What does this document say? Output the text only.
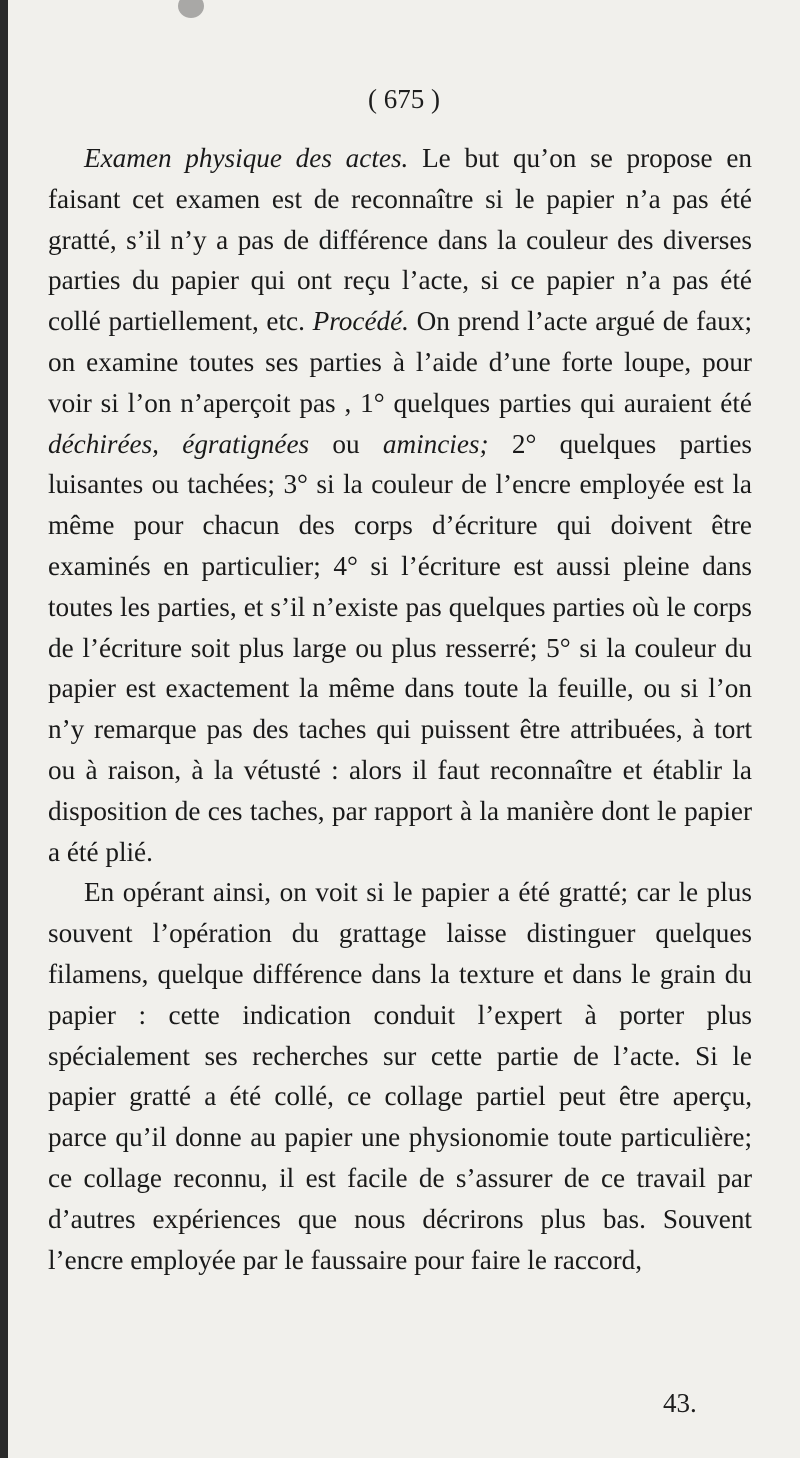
( 675 )

Examen physique des actes. Le but qu’on se propose en faisant cet examen est de reconnaître si le papier n’a pas été gratté, s’il n’y a pas de différence dans la couleur des diverses parties du papier qui ont reçu l’acte, si ce papier n’a pas été collé partiellement, etc. Procédé. On prend l’acte argué de faux; on examine toutes ses parties à l’aide d’une forte loupe, pour voir si l’on n’aperçoit pas , 1° quelques parties qui auraient été déchirées, égratignées ou amincies; 2° quelques parties luisantes ou tachées; 3° si la couleur de l’encre employée est la même pour chacun des corps d’écriture qui doivent être examinés en particulier; 4° si l’écriture est aussi pleine dans toutes les parties, et s’il n’existe pas quelques parties où le corps de l’écriture soit plus large ou plus resserré; 5° si la couleur du papier est exactement la même dans toute la feuille, ou si l’on n’y remarque pas des taches qui puissent être attribuées, à tort ou à raison, à la vétusté : alors il faut reconnaître et établir la disposition de ces taches, par rapport à la manière dont le papier a été plié.

En opérant ainsi, on voit si le papier a été gratté; car le plus souvent l’opération du grattage laisse distinguer quelques filamens, quelque différence dans la texture et dans le grain du papier : cette indication conduit l’expert à porter plus spécialement ses recherches sur cette partie de l’acte. Si le papier gratté a été collé, ce collage partiel peut être aperçu, parce qu’il donne au papier une physionomie toute particulière; ce collage reconnu, il est facile de s’assurer de ce travail par d’autres expériences que nous décrirons plus bas. Souvent l’encre employée par le faussaire pour faire le raccord,

43.
